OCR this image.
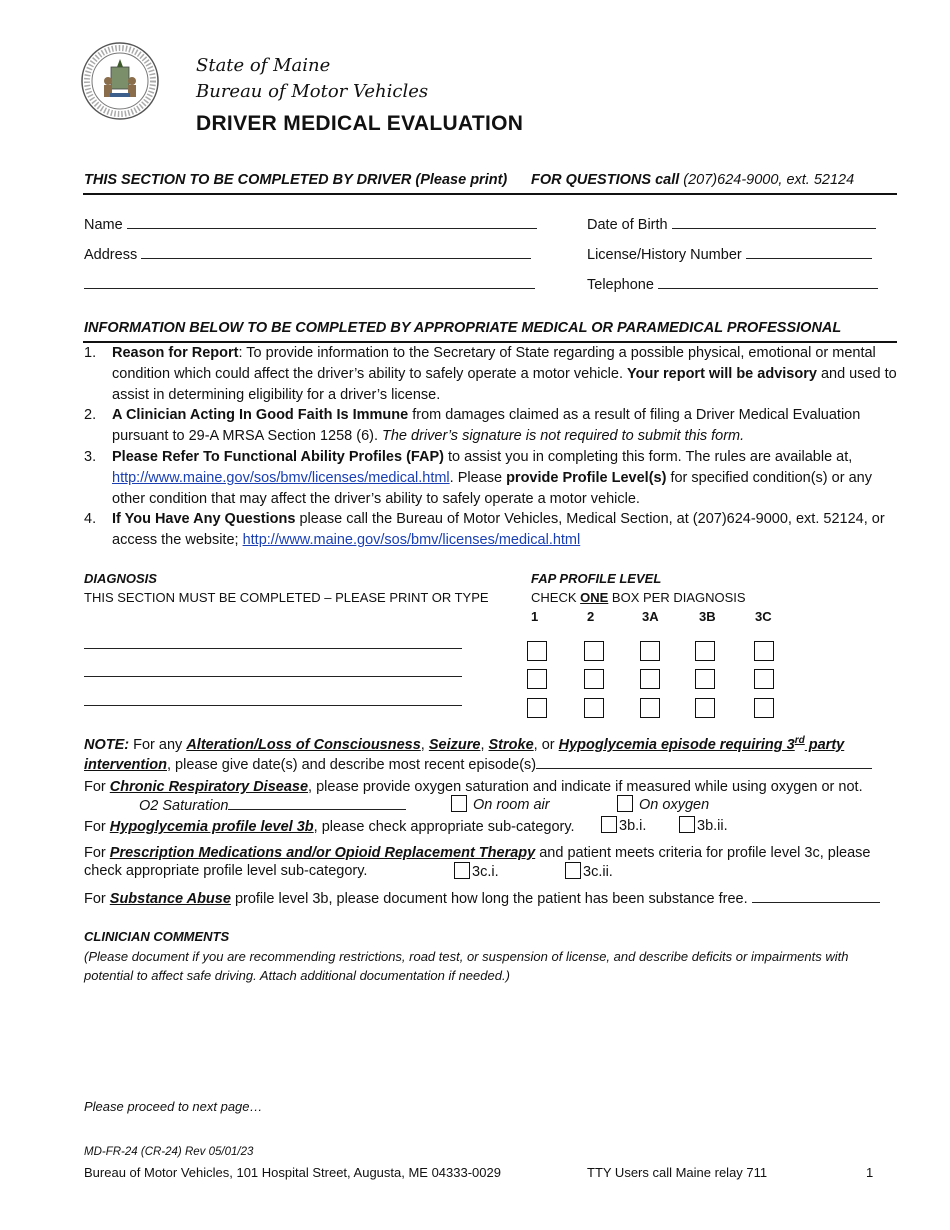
State of Maine
Bureau of Motor Vehicles
DRIVER MEDICAL EVALUATION
THIS SECTION TO BE COMPLETED BY DRIVER (Please print) FOR QUESTIONS call (207)624-9000, ext. 52124
Name
Address
Date of Birth
License/History Number
Telephone
INFORMATION BELOW TO BE COMPLETED BY APPROPRIATE MEDICAL OR PARAMEDICAL PROFESSIONAL
1. Reason for Report: To provide information to the Secretary of State regarding a possible physical, emotional or mental condition which could affect the driver’s ability to safely operate a motor vehicle. Your report will be advisory and used to assist in determining eligibility for a driver’s license.
2. A Clinician Acting In Good Faith Is Immune from damages claimed as a result of filing a Driver Medical Evaluation pursuant to 29-A MRSA Section 1258 (6). The driver’s signature is not required to submit this form.
3. Please Refer To Functional Ability Profiles (FAP) to assist you in completing this form. The rules are available at, http://www.maine.gov/sos/bmv/licenses/medical.html. Please provide Profile Level(s) for specified condition(s) or any other condition that may affect the driver’s ability to safely operate a motor vehicle.
4. If You Have Any Questions please call the Bureau of Motor Vehicles, Medical Section, at (207)624-9000, ext. 52124, or access the website; http://www.maine.gov/sos/bmv/licenses/medical.html
DIAGNOSIS
THIS SECTION MUST BE COMPLETED – PLEASE PRINT OR TYPE
FAP PROFILE LEVEL
CHECK ONE BOX PER DIAGNOSIS
1	2	3A	3B	3C
NOTE: For any Alteration/Loss of Consciousness, Seizure, Stroke, or Hypoglycemia episode requiring 3rd party intervention, please give date(s) and describe most recent episode(s)
For Chronic Respiratory Disease, please provide oxygen saturation and indicate if measured while using oxygen or not.
O2 Saturation	On room air	On oxygen
For Hypoglycemia profile level 3b, please check appropriate sub-category.	3b.i.	3b.ii.
For Prescription Medications and/or Opioid Replacement Therapy and patient meets criteria for profile level 3c, please
check appropriate profile level sub-category.	3c.i.	3c.ii.
For Substance Abuse profile level 3b, please document how long the patient has been substance free.
CLINICIAN COMMENTS
(Please document if you are recommending restrictions, road test, or suspension of license, and describe deficits or impairments with potential to affect safe driving. Attach additional documentation if needed.)
Please proceed to next page…
MD-FR-24 (CR-24) Rev 05/01/23
Bureau of Motor Vehicles, 101 Hospital Street, Augusta, ME 04333-0029	TTY Users call Maine relay 711	1
